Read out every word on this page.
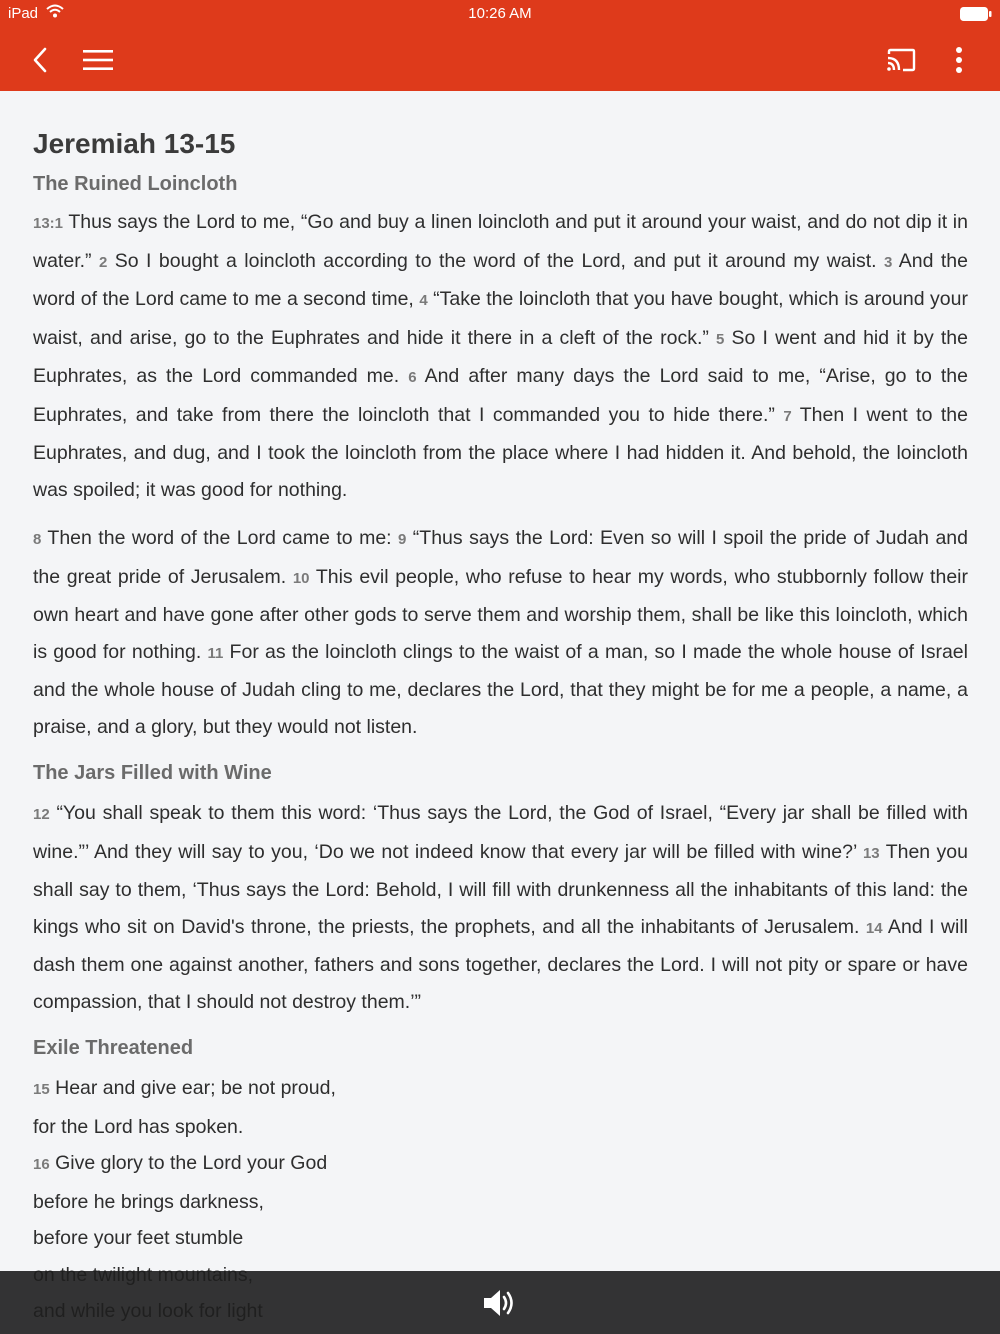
iPad	10:26 AM
Jeremiah 13-15
The Ruined Loincloth

13:1 Thus says the Lord to me, “Go and buy a linen loincloth and put it around your waist, and do not dip it in water.” 2 So I bought a loincloth according to the word of the Lord, and put it around my waist. 3 And the word of the Lord came to me a second time, 4 “Take the loincloth that you have bought, which is around your waist, and arise, go to the Euphrates and hide it there in a cleft of the rock.” 5 So I went and hid it by the Euphrates, as the Lord commanded me. 6 And after many days the Lord said to me, “Arise, go to the Euphrates, and take from there the loincloth that I commanded you to hide there.” 7 Then I went to the Euphrates, and dug, and I took the loincloth from the place where I had hidden it. And behold, the loincloth was spoiled; it was good for nothing.

8 Then the word of the Lord came to me: 9 “Thus says the Lord: Even so will I spoil the pride of Judah and the great pride of Jerusalem. 10 This evil people, who refuse to hear my words, who stubbornly follow their own heart and have gone after other gods to serve them and worship them, shall be like this loincloth, which is good for nothing. 11 For as the loincloth clings to the waist of a man, so I made the whole house of Israel and the whole house of Judah cling to me, declares the Lord, that they might be for me a people, a name, a praise, and a glory, but they would not listen.

The Jars Filled with Wine

12 “You shall speak to them this word: ‘Thus says the Lord, the God of Israel, “Every jar shall be filled with wine.”’ And they will say to you, ‘Do we not indeed know that every jar will be filled with wine?’ 13 Then you shall say to them, ‘Thus says the Lord: Behold, I will fill with drunkenness all the inhabitants of this land: the kings who sit on David's throne, the priests, the prophets, and all the inhabitants of Jerusalem. 14 And I will dash them one against another, fathers and sons together, declares the Lord. I will not pity or spare or have compassion, that I should not destroy them.’”

Exile Threatened
15 Hear and give ear; be not proud,
for the Lord has spoken.
16 Give glory to the Lord your God
before he brings darkness,
before your feet stumble
